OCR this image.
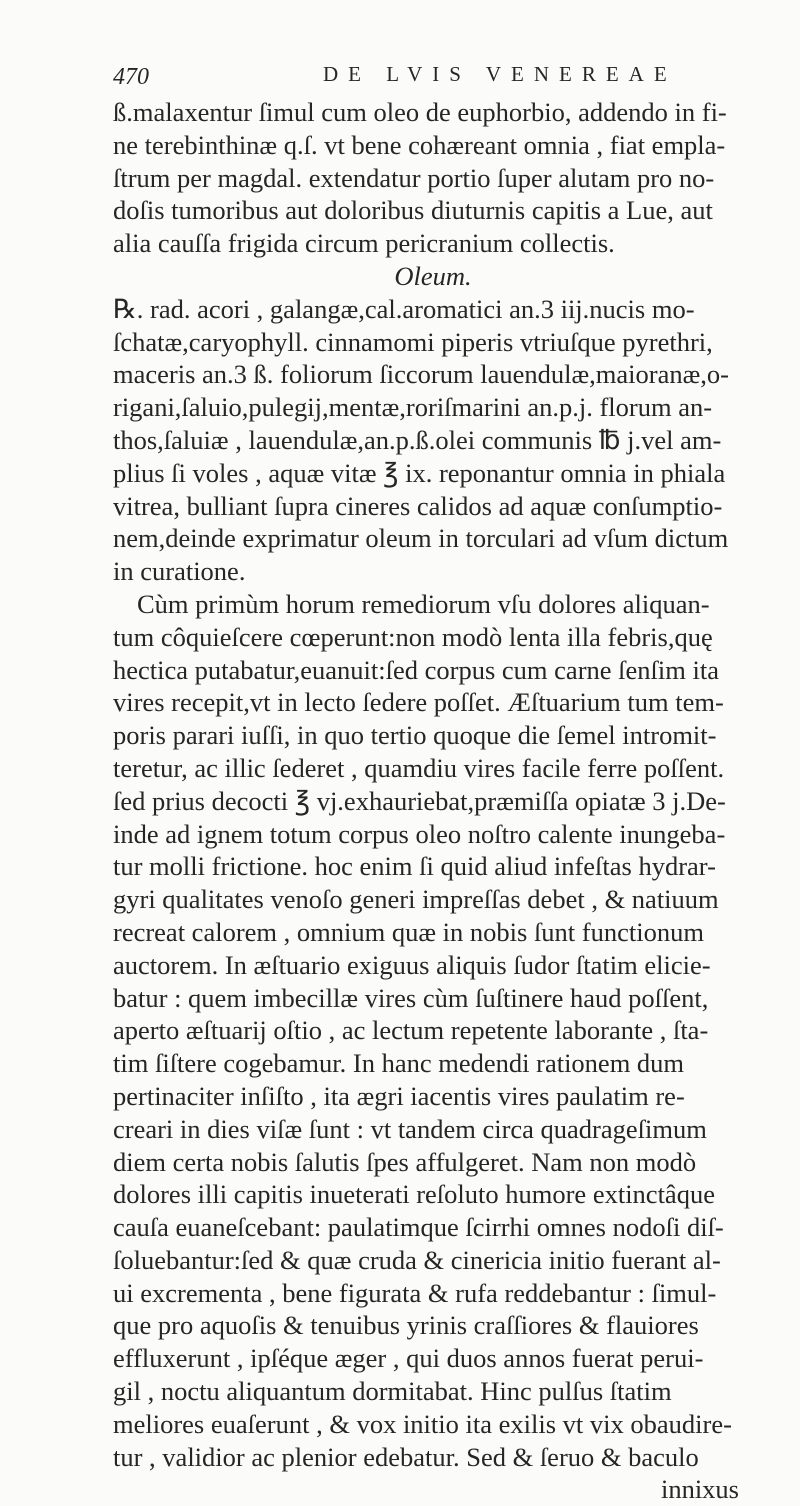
470	DE LVIS VENEREAE
ß.malaxentur ſimul cum oleo de euphorbio, addendo in fi-
ne terebinthinæ q.ſ. vt bene cohæreant omnia , fiat empla-
ſtrum per magdal. extendatur portio ſuper alutam pro no-
doſis tumoribus aut doloribus diuturnis capitis a Lue, aut
alia cauſſa frigida circum pericranium collectis.
Oleum.
℞. rad. acori , galangæ,cal.aromatici an.3 iij.nucis mo-
ſchatæ,caryophyll. cinnamomi piperis vtriuſque pyrethri,
maceris an.3 ß. foliorum ſiccorum lauendulæ,maioranæ,o-
rigani,ſaluio,pulegij,mentæ,roriſmarini an.p.j. florum an-
thos,ſaluiæ , lauendulæ,an.p.ß.olei communis ℔ j.vel am-
plius ſi voles , aquæ vitæ ℥ ix. reponantur omnia in phiala
vitrea, bulliant ſupra cineres calidos ad aquæ conſumptio-
nem,deinde exprimatur oleum in torculari ad vſum dictum
in curatione.
Cùm primùm horum remediorum vſu dolores aliquan-
tum côquieſcere cœperunt:non modò lenta illa febris,quę
hectica putabatur,euanuit:ſed corpus cum carne ſenſim ita
vires recepit,vt in lecto ſedere poſſet. Æſtuarium tum tem-
poris parari iuſſi, in quo tertio quoque die ſemel intromit-
teretur, ac illic ſederet , quamdiu vires facile ferre poſſent.
ſed prius decocti ℥ vj.exhauriebat,præmiſſa opiatæ 3 j.De-
inde ad ignem totum corpus oleo noſtro calente inungeba-
tur molli frictione. hoc enim ſi quid aliud infeſtas hydrar-
gyri qualitates venoſo generi impreſſas debet , & natiuum
recreat calorem , omnium quæ in nobis ſunt functionum
auctorem. In æſtuario exiguus aliquis ſudor ſtatim elicie-
batur : quem imbecillæ vires cùm ſuſtinere haud poſſent,
aperto æſtuarij oſtio , ac lectum repetente laborante , ſta-
tim ſiſtere cogebamur. In hanc medendi rationem dum
pertinaciter inſiſto , ita ægri iacentis vires paulatim re-
creari in dies viſæ ſunt : vt tandem circa quadrageſimum
diem certa nobis ſalutis ſpes affulgeret. Nam non modò
dolores illi capitis inueterati reſoluto humore extinctâque
cauſa euaneſcebant: paulatimque ſcirrhi omnes nodoſi diſ-
ſoluebantur:ſed & quæ cruda & cinericia initio fuerant al-
ui excrementa , bene figurata & rufa reddebantur : ſimul-
que pro aquoſis & tenuibus yrinis craſſiores & flauiores
effluxerunt , ipſéque æger , qui duos annos fuerat perui-
gil , noctu aliquantum dormitabat. Hinc pulſus ſtatim
meliores euaſerunt , & vox initio ita exilis vt vix obaudire-
tur , validior ac plenior edebatur. Sed & ſeruo & baculo
innixus
